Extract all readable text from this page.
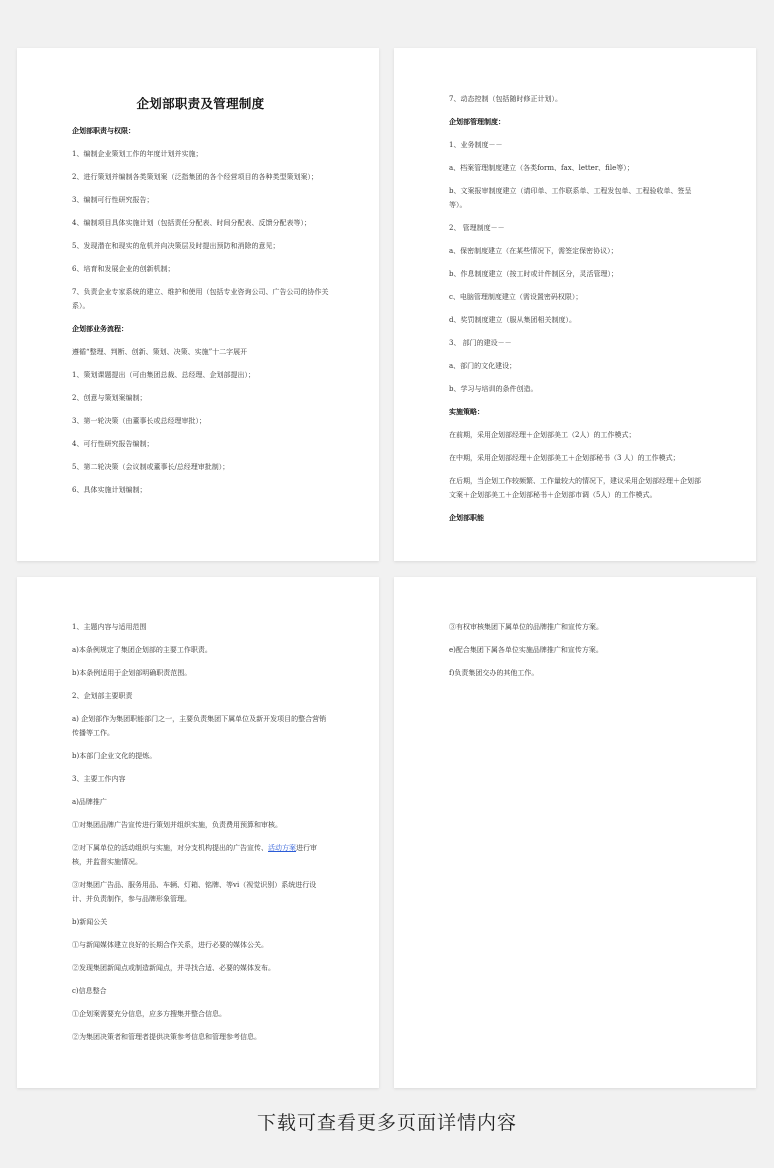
企划部职责及管理制度

企划部职责与权限：

1、编制企业策划工作的年度计划并实施；

2、进行策划并编制各类策划案（泛指集团的各个经营项目的各种类型策划案）；

3、编制可行性研究报告；

4、编制项目具体实施计划（包括责任分配表、时间分配表、反馈分配表等）；

5、发现潜在和现实的危机并向决策层及时提出预防和消除的意见；

6、培育和发展企业的创新机制；

7、负责企业专家系统的建立、维护和使用（包括专业咨询公司、广告公司的协作关系）。

企划部业务流程：

遵循“整理、判断、创新、策划、决策、实施”十二字展开

1、策划课题提出（可由集团总裁、总经理、企划部提出）；

2、创意与策划案编制；

3、第一轮决策（由董事长或总经理审批）；

4、可行性研究报告编制；

5、第二轮决策（会议制或董事长/总经理审批制）；

6、具体实施计划编制；

7、动态控制（包括随时修正计划）。

企划部管理制度：

1、业务制度－－

a、档案管理制度建立（各类form、fax、letter、file等）；

b、文案报审制度建立（请印单、工作联系单、工程发包单、工程验收单、签呈等）。

2、 管理制度－－

a、保密制度建立（在某些情况下，需签定保密协议）；

b、作息制度建立（按工时或计件制区分，灵活管理）；

c、电脑管理制度建立（需设置密码权限）；

d、奖罚制度建立（服从集团相关制度）。

3、 部门的建设－－

a、部门的文化建设；

b、学习与培训的条件创造。

实施策略：

在前期，采用企划部经理＋企划部美工（2人）的工作模式；

在中期，采用企划部经理＋企划部美工＋企划部秘书（3 人）的工作模式；

在后期，当企划工作较频繁、工作量较大的情况下，建议采用企划部经理＋企划部文案＋企划部美工＋企划部秘书＋企划部市调（5人）的工作模式。

企划部职能

1、主题内容与适用范围

a)本条例规定了集团企划部的主要工作职责。

b)本条例适用于企划部明确职责范围。

2、企划部主要职责

a) 企划部作为集团职能部门之一，主要负责集团下属单位及新开发项目的整合营销传播等工作。

b)本部门企业文化的提炼。

3、主要工作内容

a)品牌推广

①对集团品牌广告宣传进行策划并组织实施，负责费用预算和审核。

②对下属单位的活动组织与实施，对分支机构提出的广告宣传、活动方案进行审核，并监督实施情况。

③对集团广告品、服务用品、车辆、灯箱、铭牌、等vi（视觉识别）系统进行设计、并负责制作，参与品牌形象管理。

b)新闻公关

①与新闻媒体建立良好的长期合作关系，进行必要的媒体公关。

②发现集团新闻点或制造新闻点，并寻找合适、必要的媒体发布。

c)信息整合

①企划案需要充分信息，应多方搜集并整合信息。

②为集团决策者和管理者提供决策参考信息和管理参考信息。

③有权审核集团下属单位的品牌推广和宣传方案。

e)配合集团下属各单位实施品牌推广和宣传方案。

f)负责集团交办的其他工作。

下载可查看更多页面详情内容
